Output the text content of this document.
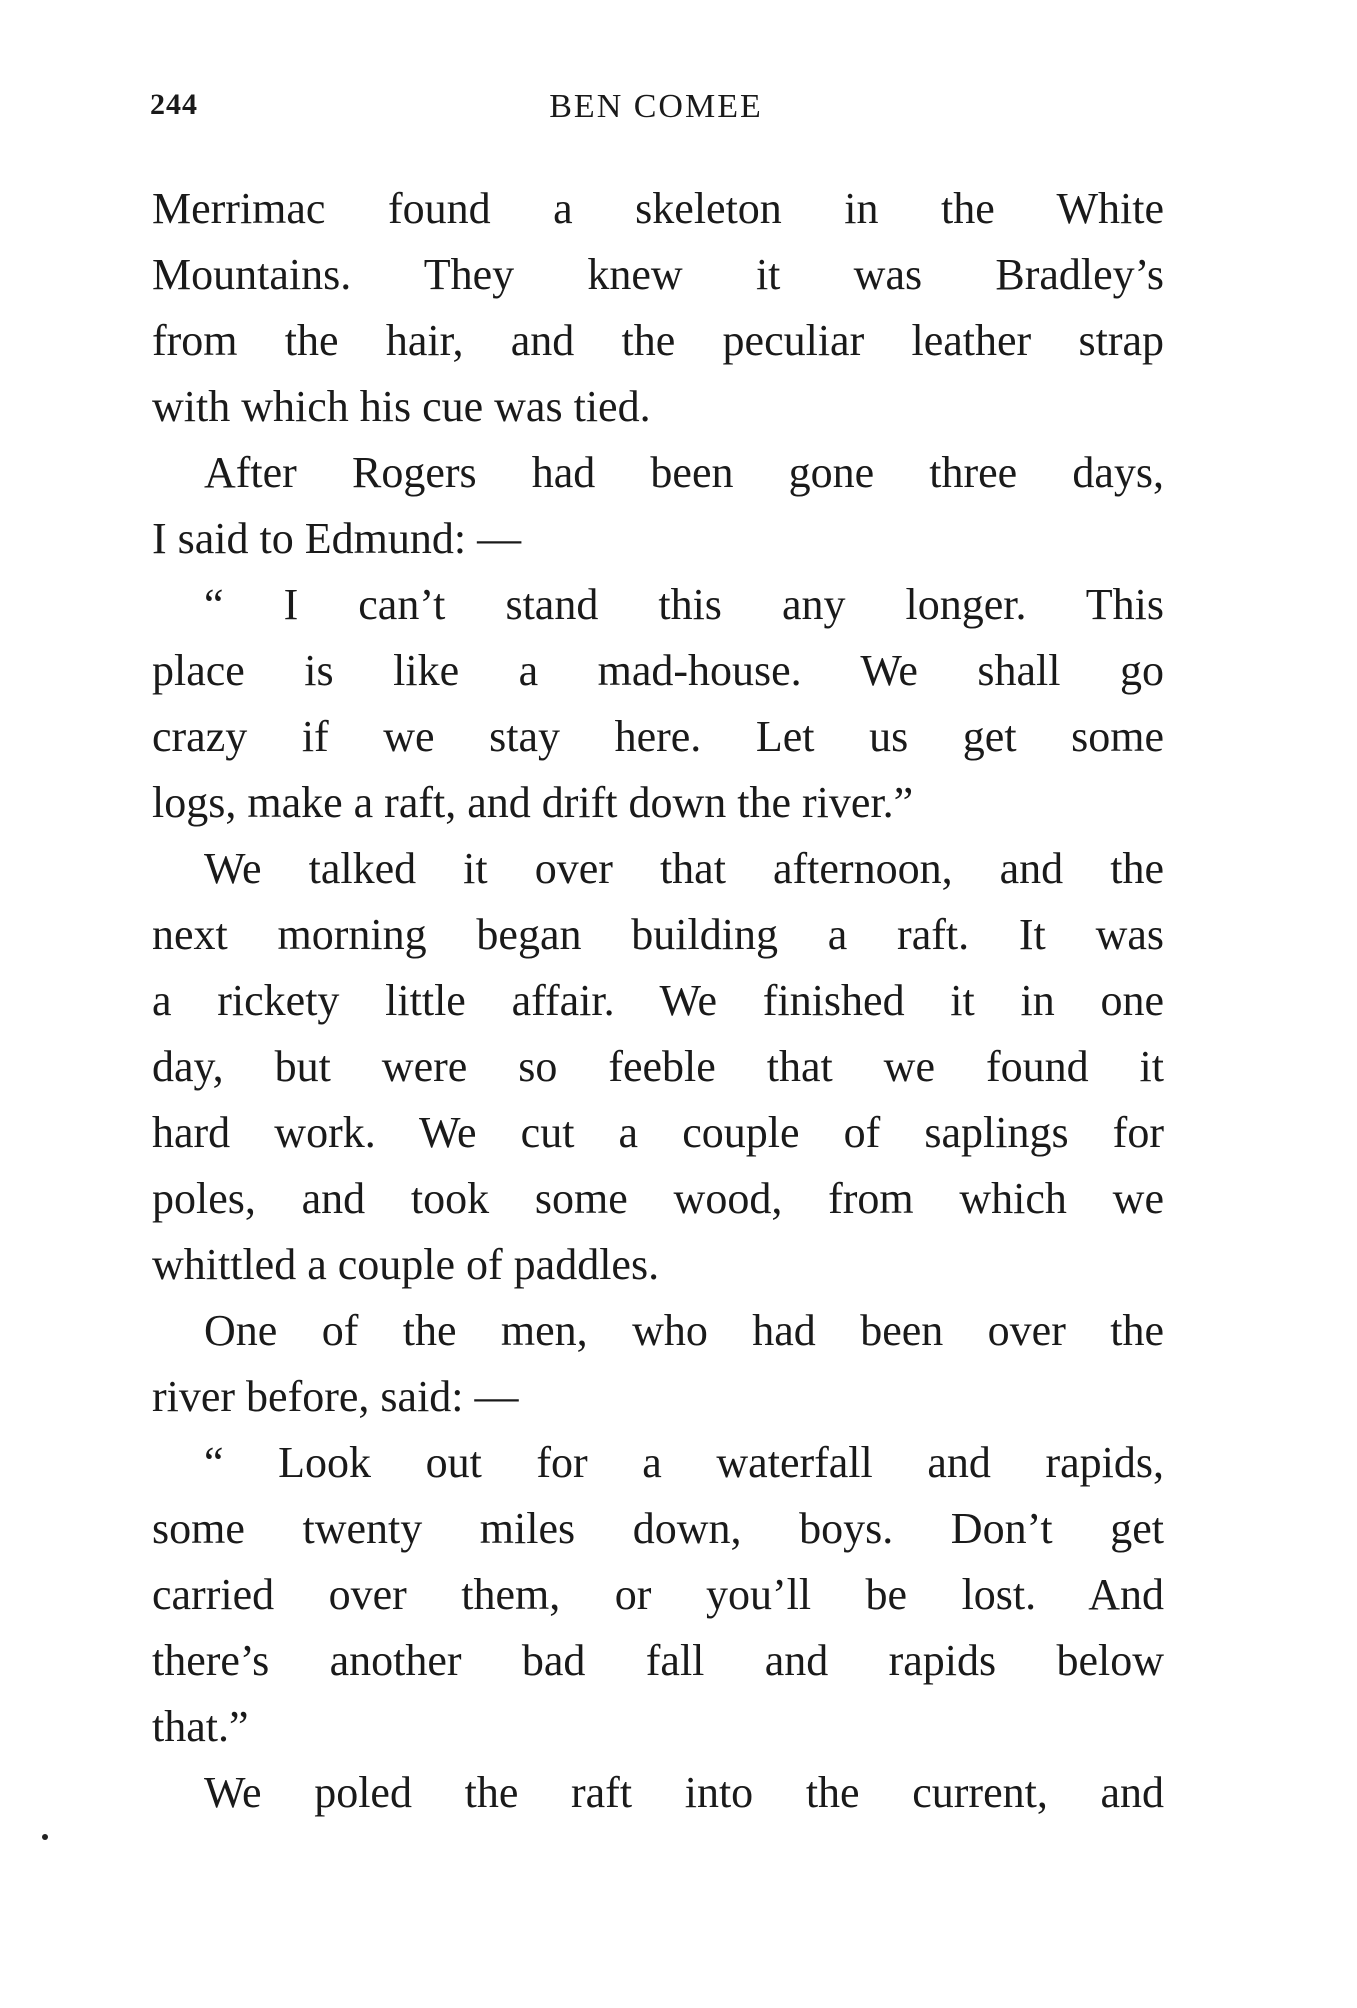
244	BEN COMEE
Merrimac found a skeleton in the White
Mountains. They knew it was Bradley’s
from the hair, and the peculiar leather strap
with which his cue was tied.
After Rogers had been gone three days,
I said to Edmund: —
“ I can’t stand this any longer. This
place is like a mad-house. We shall go
crazy if we stay here. Let us get some
logs, make a raft, and drift down the river.”
We talked it over that afternoon, and the
next morning began building a raft. It was
a rickety little affair. We finished it in one
day, but were so feeble that we found it
hard work. We cut a couple of saplings for
poles, and took some wood, from which we
whittled a couple of paddles.
One of the men, who had been over the
river before, said: —
“ Look out for a waterfall and rapids,
some twenty miles down, boys. Don’t get
carried over them, or you’ll be lost. And
there’s another bad fall and rapids below
that.”
We poled the raft into the current, and
